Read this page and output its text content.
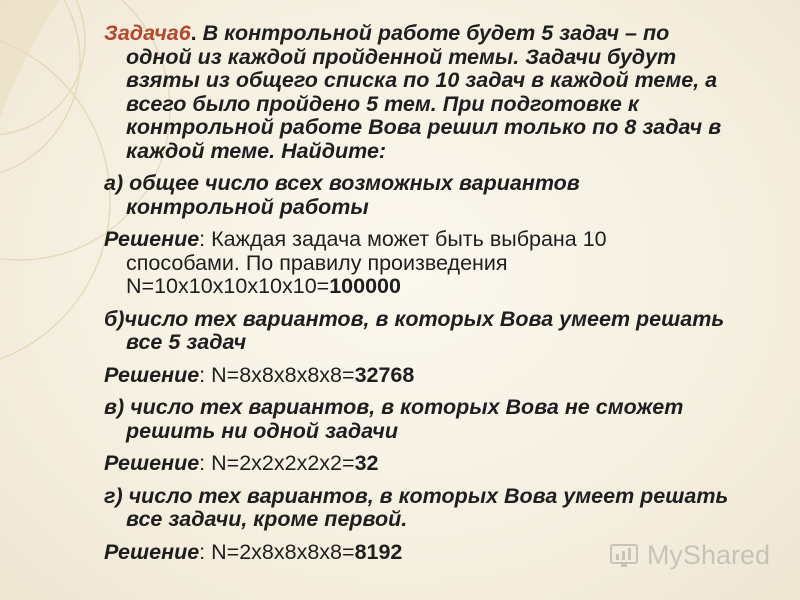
Задача6. В контрольной работе будет 5 задач – по

одной из каждой пройденной темы. Задачи будут

взяты из общего списка по 10 задач в каждой теме, а

всего было пройдено 5 тем. При подготовке к

контрольной работе Вова решил только по 8 задач в

каждой теме. Найдите:

а) общее число всех возможных вариантов

контрольной работы

Решение: Каждая задача может быть выбрана 10

способами. По правилу произведения

N=10х10х10х10х10=100000

б)число тех вариантов, в которых Вова умеет решать

все 5 задач

Решение: N=8х8х8х8х8=32768

в) число тех вариантов, в которых Вова не сможет

решить ни одной задачи

Решение: N=2х2х2х2х2=32

г) число тех вариантов, в которых Вова умеет решать

все задачи, кроме первой.

Решение: N=2х8х8х8х8=8192	MyShared
